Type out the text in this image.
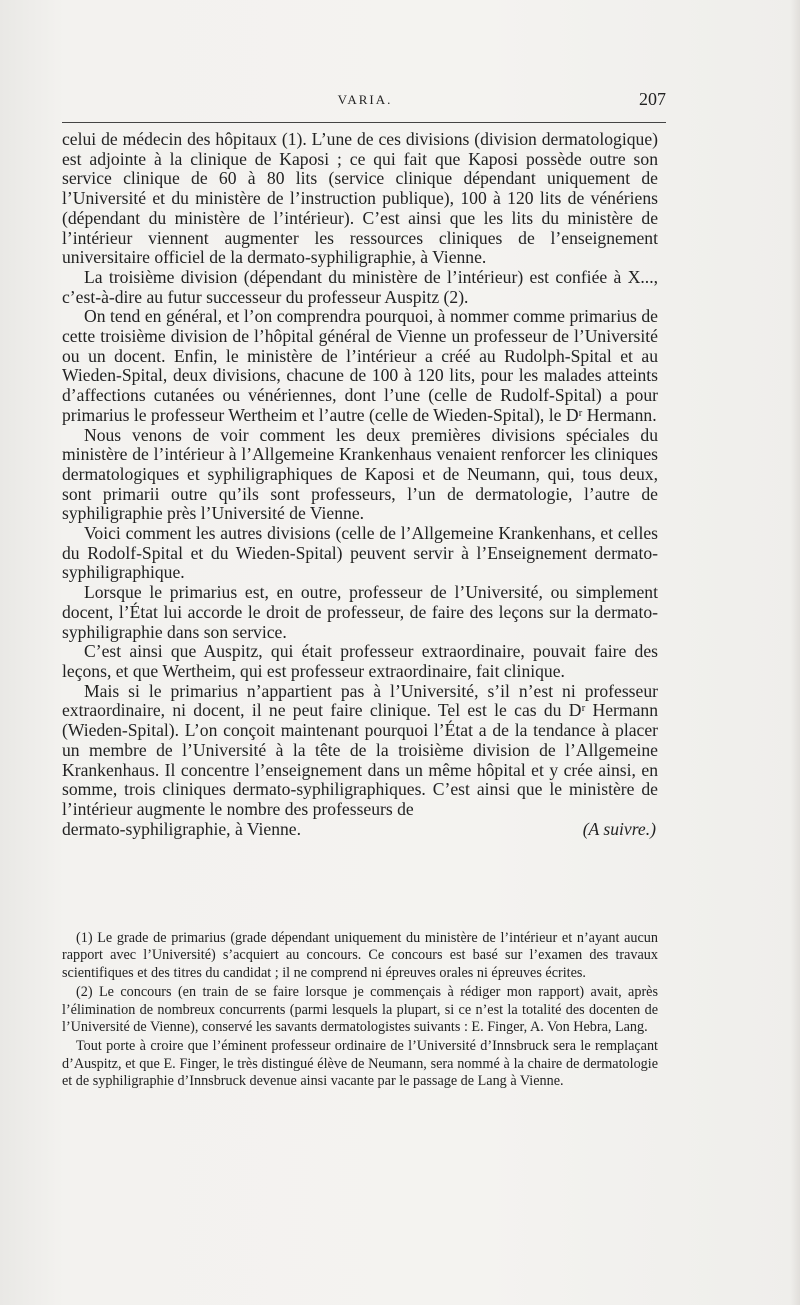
VARIA.	207

celui de médecin des hôpitaux (1). L’une de ces divisions (division dermatologique) est adjointe à la clinique de Kaposi ; ce qui fait que Kaposi possède outre son service clinique de 60 à 80 lits (service clinique dépendant uniquement de l’Université et du ministère de l’instruction publique), 100 à 120 lits de vénériens (dépendant du ministère de l’intérieur). C’est ainsi que les lits du ministère de l’intérieur viennent augmenter les ressources cliniques de l’enseignement universitaire officiel de la dermato-syphiligraphie, à Vienne.

La troisième division (dépendant du ministère de l’intérieur) est confiée à X..., c’est-à-dire au futur successeur du professeur Auspitz (2).

On tend en général, et l’on comprendra pourquoi, à nommer comme primarius de cette troisième division de l’hôpital général de Vienne un professeur de l’Université ou un docent. Enfin, le ministère de l’intérieur a créé au Rudolph-Spital et au Wieden-Spital, deux divisions, chacune de 100 à 120 lits, pour les malades atteints d’affections cutanées ou vénériennes, dont l’une (celle de Rudolf-Spital) a pour primarius le professeur Wertheim et l’autre (celle de Wieden-Spital), le Dʳ Hermann.

Nous venons de voir comment les deux premières divisions spéciales du ministère de l’intérieur à l’Allgemeine Krankenhaus venaient renforcer les cliniques dermatologiques et syphiligraphiques de Kaposi et de Neumann, qui, tous deux, sont primarii outre qu’ils sont professeurs, l’un de dermatologie, l’autre de syphiligraphie près l’Université de Vienne.

Voici comment les autres divisions (celle de l’Allgemeine Krankenhans, et celles du Rodolf-Spital et du Wieden-Spital) peuvent servir à l’Enseignement dermato-syphiligraphique.

Lorsque le primarius est, en outre, professeur de l’Université, ou simplement docent, l’État lui accorde le droit de professeur, de faire des leçons sur la dermato-syphiligraphie dans son service.

C’est ainsi que Auspitz, qui était professeur extraordinaire, pouvait faire des leçons, et que Wertheim, qui est professeur extraordinaire, fait clinique.

Mais si le primarius n’appartient pas à l’Université, s’il n’est ni professeur extraordinaire, ni docent, il ne peut faire clinique. Tel est le cas du Dʳ Hermann (Wieden-Spital). L’on conçoit maintenant pourquoi l’État a de la tendance à placer un membre de l’Université à la tête de la troisième division de l’Allgemeine Krankenhaus. Il concentre l’enseignement dans un même hôpital et y crée ainsi, en somme, trois cliniques dermato-syphiligraphiques. C’est ainsi que le ministère de l’intérieur augmente le nombre des professeurs de

dermato-syphiligraphie, à Vienne.	(A suivre.)

(1) Le grade de primarius (grade dépendant uniquement du ministère de l’intérieur et n’ayant aucun rapport avec l’Université) s’acquiert au concours. Ce concours est basé sur l’examen des travaux scientifiques et des titres du candidat ; il ne comprend ni épreuves orales ni épreuves écrites.

(2) Le concours (en train de se faire lorsque je commençais à rédiger mon rapport) avait, après l’élimination de nombreux concurrents (parmi lesquels la plupart, si ce n’est la totalité des docenten de l’Université de Vienne), conservé les savants dermatologistes suivants : E. Finger, A. Von Hebra, Lang.

Tout porte à croire que l’éminent professeur ordinaire de l’Université d’Innsbruck sera le remplaçant d’Auspitz, et que E. Finger, le très distingué élève de Neumann, sera nommé à la chaire de dermatologie et de syphiligraphie d’Innsbruck devenue ainsi vacante par le passage de Lang à Vienne.
